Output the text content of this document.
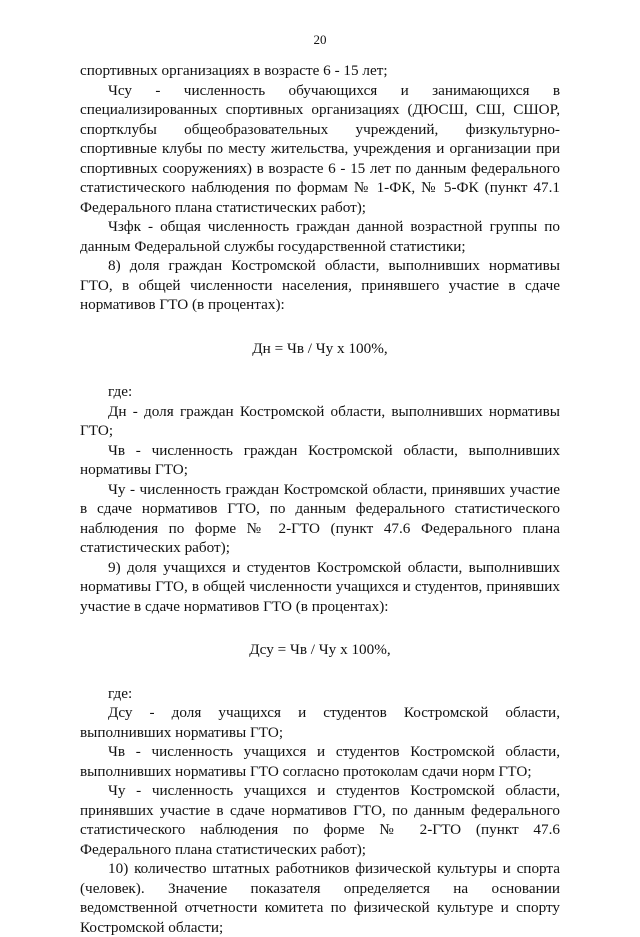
20

спортивных организациях в возрасте 6 - 15 лет;

Чсу - численность обучающихся и занимающихся в специализированных спортивных организациях (ДЮСШ, СШ, СШОР, спортклубы общеобразовательных учреждений, физкультурно-спортивные клубы по месту жительства, учреждения и организации при спортивных сооружениях) в возрасте 6 - 15 лет по данным федерального статистического наблюдения по формам № 1-ФК, № 5-ФК (пункт 47.1 Федерального плана статистических работ);

Чзфк - общая численность граждан данной возрастной группы по данным Федеральной службы государственной статистики;

8) доля граждан Костромской области, выполнивших нормативы ГТО, в общей численности населения, принявшего участие в сдаче нормативов ГТО (в процентах):

Дн = Чв / Чу х 100%,

где:

Дн - доля граждан Костромской области, выполнивших нормативы ГТО;

Чв - численность граждан Костромской области, выполнивших нормативы ГТО;

Чу - численность граждан Костромской области, принявших участие в сдаче нормативов ГТО, по данным федерального статистического наблюдения по форме № 2-ГТО (пункт 47.6 Федерального плана статистических работ);

9) доля учащихся и студентов Костромской области, выполнивших нормативы ГТО, в общей численности учащихся и студентов, принявших участие в сдаче нормативов ГТО (в процентах):

Дсу = Чв / Чу х 100%,

где:

Дсу - доля учащихся и студентов Костромской области, выполнивших нормативы ГТО;

Чв - численность учащихся и студентов Костромской области, выполнивших нормативы ГТО согласно протоколам сдачи норм ГТО;

Чу - численность учащихся и студентов Костромской области, принявших участие в сдаче нормативов ГТО, по данным федерального статистического наблюдения по форме № 2-ГТО (пункт 47.6 Федерального плана статистических работ);

10) количество штатных работников физической культуры и спорта (человек). Значение показателя определяется на основании ведомственной отчетности комитета по физической культуре и спорту Костромской области;
